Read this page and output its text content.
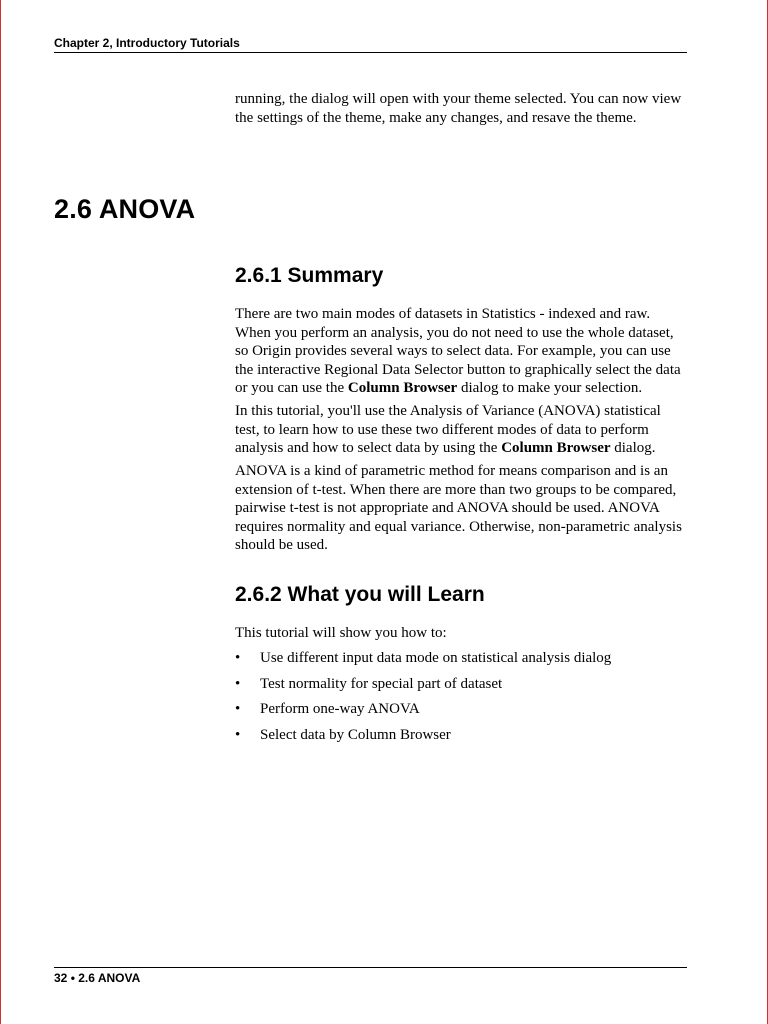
Chapter 2, Introductory Tutorials

running, the dialog will open with your theme selected. You can now view the settings of the theme, make any changes, and resave the theme.

2.6 ANOVA
2.6.1 Summary

There are two main modes of datasets in Statistics - indexed and raw. When you perform an analysis, you do not need to use the whole dataset, so Origin provides several ways to select data. For example, you can use the interactive Regional Data Selector button to graphically select the data or you can use the Column Browser dialog to make your selection.

In this tutorial, you'll use the Analysis of Variance (ANOVA) statistical test, to learn how to use these two different modes of data to perform analysis and how to select data by using the Column Browser dialog.

ANOVA is a kind of parametric method for means comparison and is an extension of t-test. When there are more than two groups to be compared, pairwise t-test is not appropriate and ANOVA should be used. ANOVA requires normality and equal variance. Otherwise, non-parametric analysis should be used.

2.6.2 What you will Learn

This tutorial will show you how to:

• Use different input data mode on statistical analysis dialog
• Test normality for special part of dataset
• Perform one-way ANOVA
• Select data by Column Browser
32 • 2.6 ANOVA
